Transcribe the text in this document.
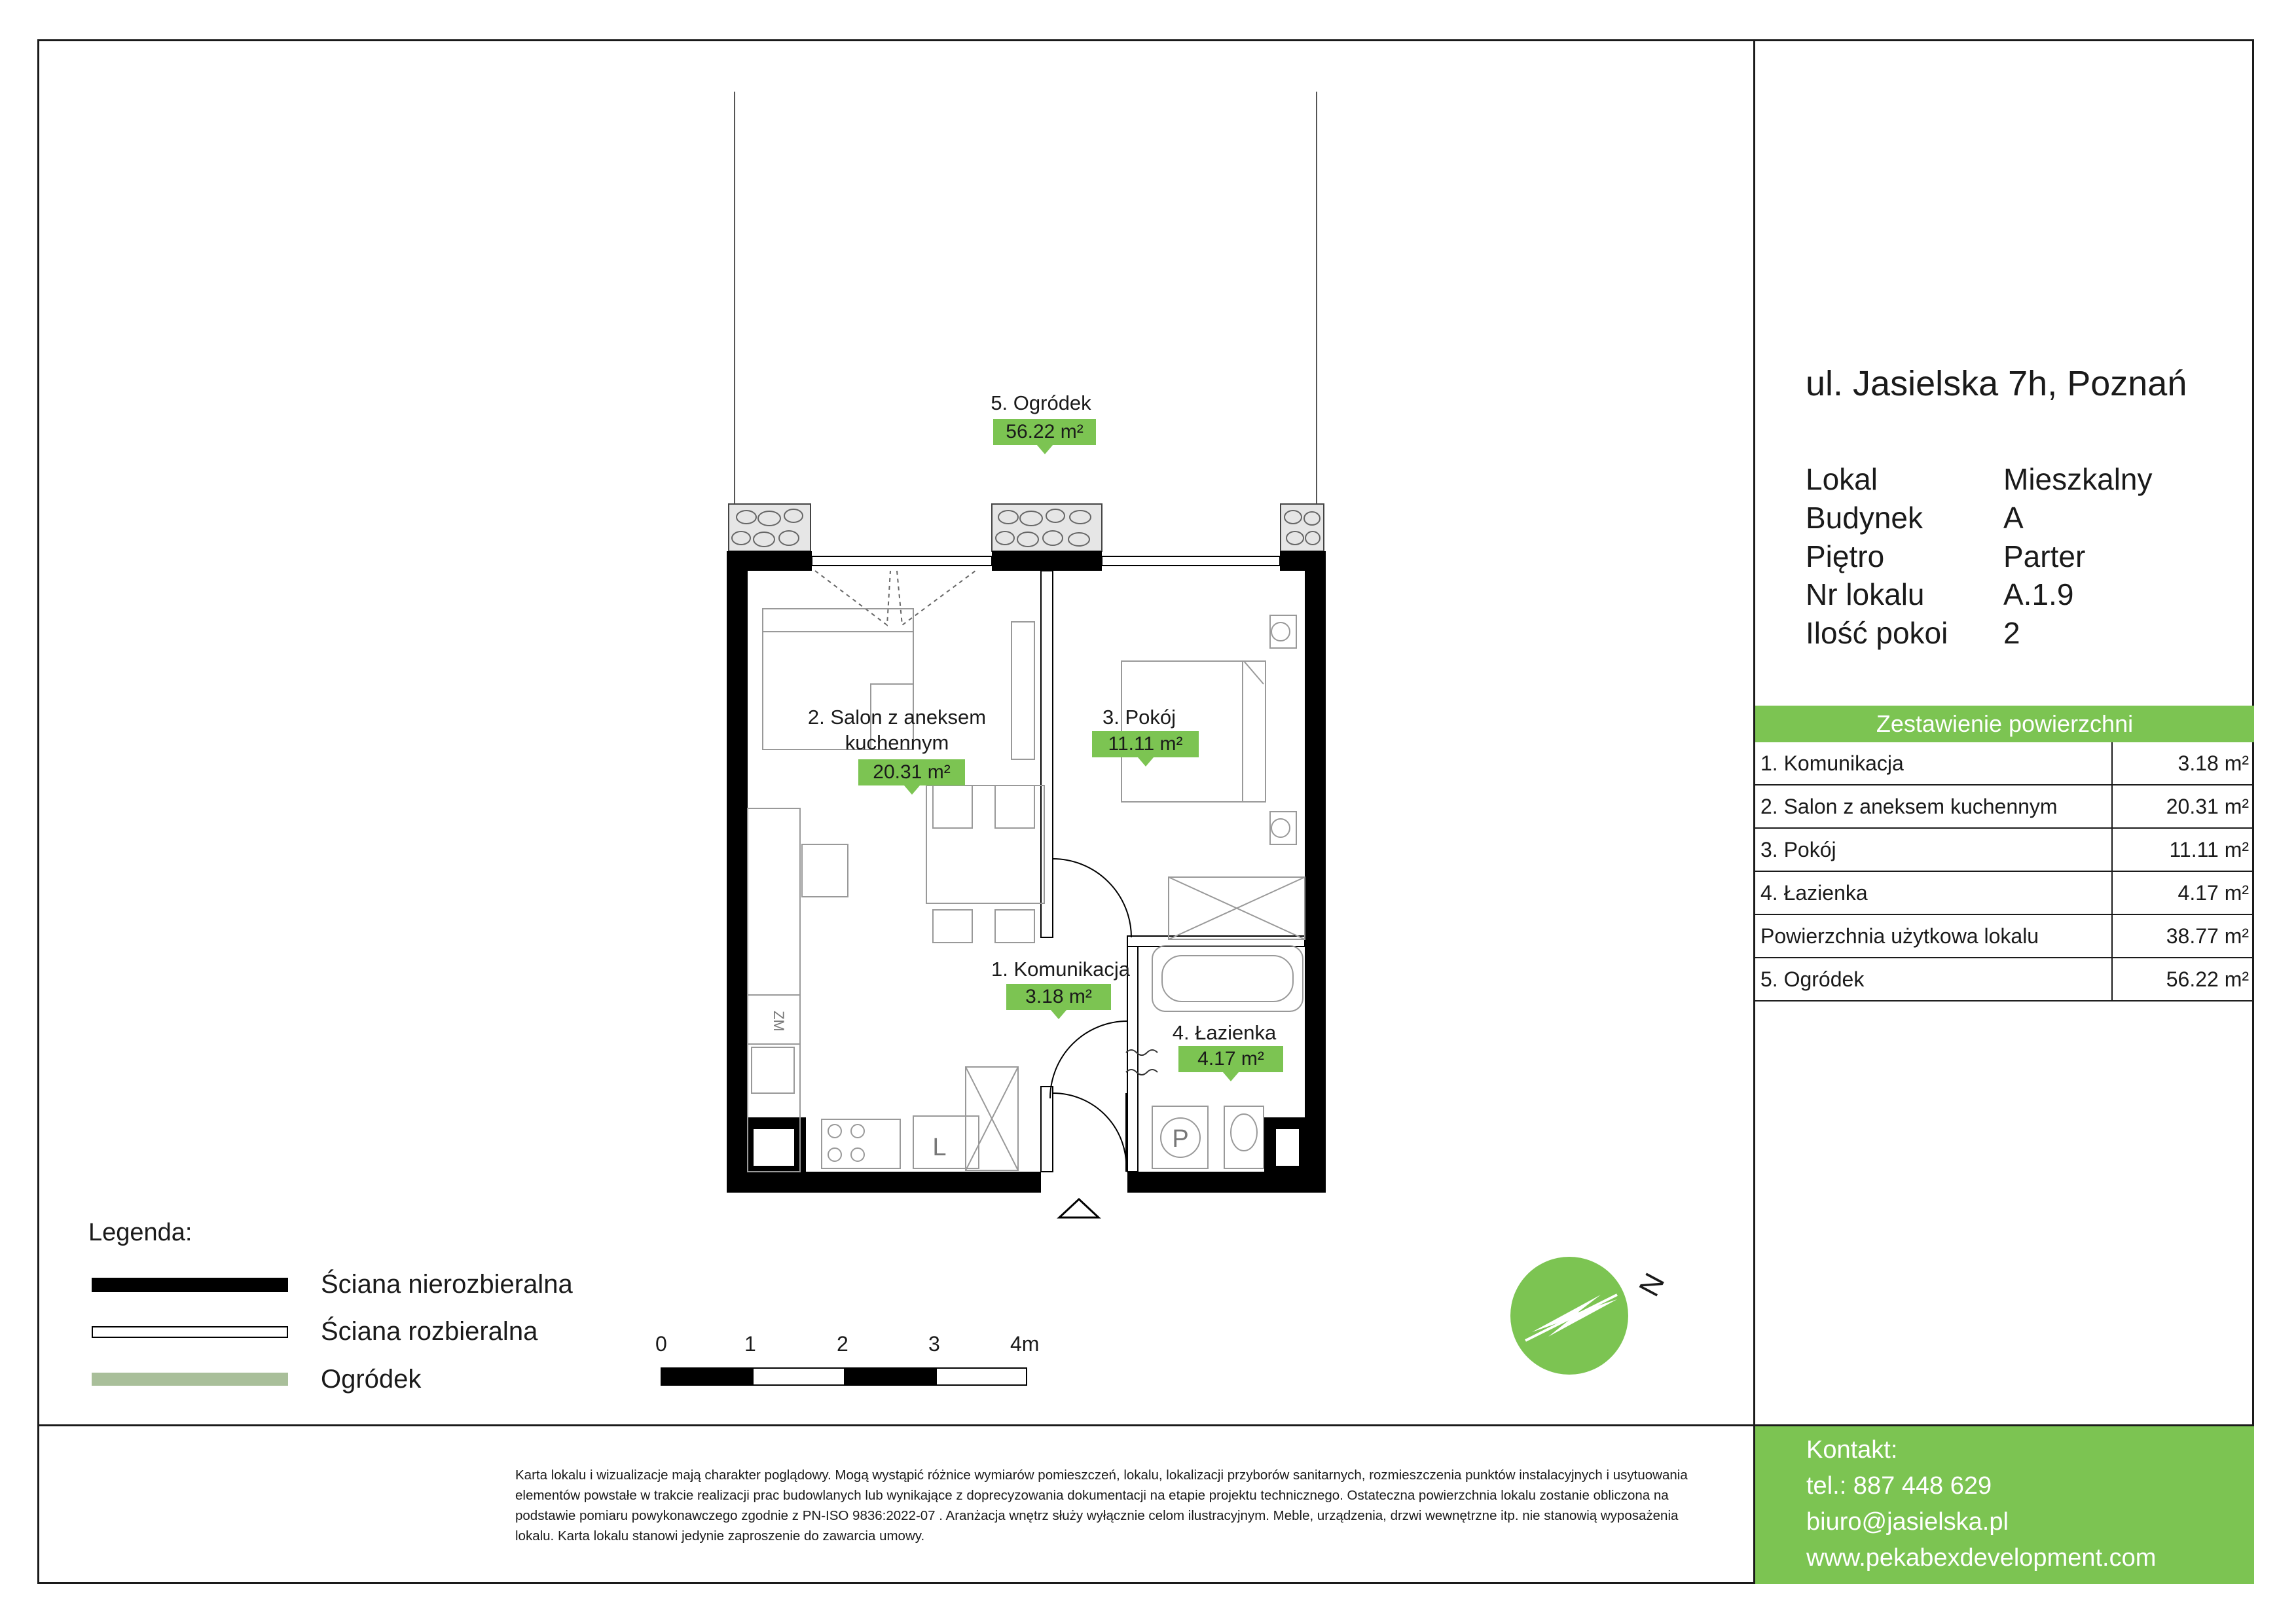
P
L
ZM
N
5. Ogródek
56.22 m²
2. Salon z aneksem
kuchennym
20.31 m²
3. Pokój
11.11 m²
1. Komunikacja
3.18 m²
4. Łazienka
4.17 m²
ul. Jasielska 7h, Poznań
Lokal	Mieszkalny
Budynek	A
Piętro	Parter
Nr lokalu	A.1.9
Ilość pokoi 2
Zestawienie powierzchni
1. Komunikacja	3.18 m²
2. Salon z aneksem kuchennym	20.31 m²
3. Pokój	11.11 m²
4. Łazienka	4.17 m²
Powierzchnia użytkowa lokalu	38.77 m²
5. Ogródek	56.22 m²
Legenda:
Ściana nierozbieralna
Ściana rozbieralna
Ogródek
0	1	2	3	4m
Karta lokalu i wizualizacje mają charakter poglądowy. Mogą wystąpić różnice wymiarów pomieszczeń, lokalu, lokalizacji przyborów sanitarnych, rozmieszczenia punktów instalacyjnych i usytuowania elementów powstałe w trakcie realizacji prac budowlanych lub wynikające z doprecyzowania dokumentacji na etapie projektu technicznego. Ostateczna powierzchnia lokalu zostanie obliczona na podstawie pomiaru powykonawczego zgodnie z PN-ISO 9836:2022-07 . Aranżacja wnętrz służy wyłącznie celom ilustracyjnym. Meble, urządzenia, drzwi wewnętrzne itp. nie stanowią wyposażenia lokalu. Karta lokalu stanowi jedynie zaproszenie do zawarcia umowy.
Kontakt:
tel.: 887 448 629
biuro@jasielska.pl
www.pekabexdevelopment.com
